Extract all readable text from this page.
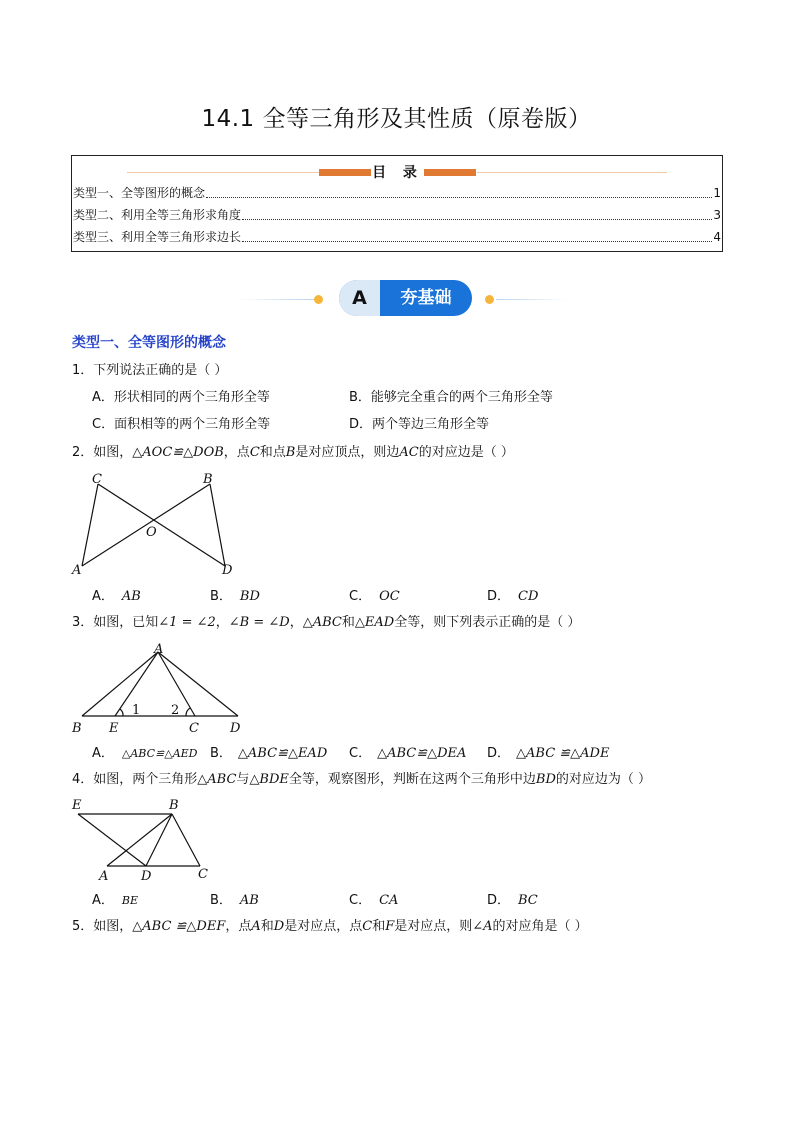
14.1 全等三角形及其性质（原卷版）
目 录
类型一、全等图形的概念	1
类型二、利用全等三角形求角度	3
类型三、利用全等三角形求边长	4
A	夯基础
类型一、全等图形的概念
1．下列说法正确的是（ ）
A．形状相同的两个三角形全等	B．能够完全重合的两个三角形全等
C．面积相等的两个三角形全等	D．两个等边三角形全等
2．如图，△AOC≌△DOB，点C和点B是对应顶点，则边AC的对应边是（ ）
C	B
O
A	D
A． AB	B． BD	C． OC	D． CD
3．如图，已知∠1 = ∠2，∠B = ∠D，△ABC和△EAD全等，则下列表示正确的是（ ）
A
1 2
B E	C D
A． △ABC≌△AED B． △ABC≌△EAD C． △ABC≌△DEA D． △ABC ≌△ADE
4．如图，两个三角形△ABC与△BDE全等，观察图形，判断在这两个三角形中边BD的对应边为（ ）
E	B
A	D	C
A． BE	B． AB	C． CA	D． BC
5．如图，△ABC ≌△DEF，点A和D是对应点，点C和F是对应点，则∠A的对应角是（ ）
